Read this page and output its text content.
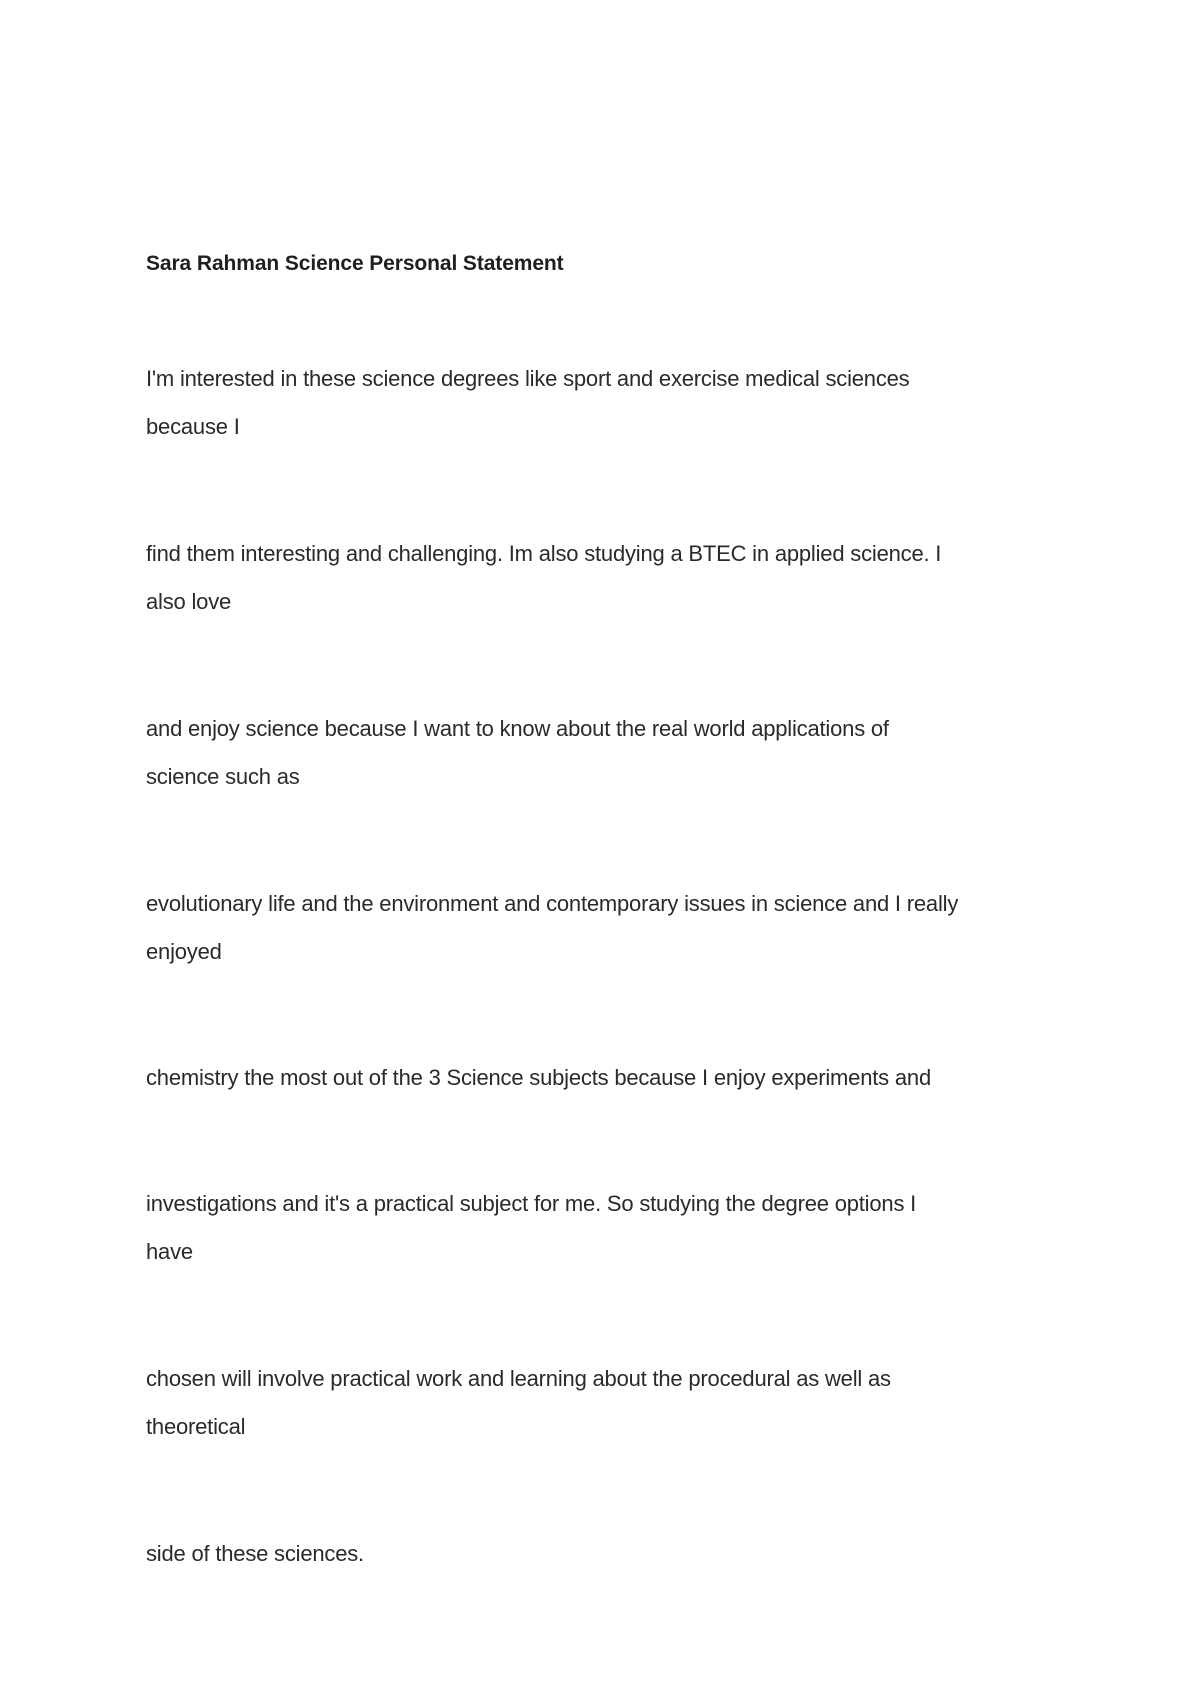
Sara Rahman Science Personal Statement

I'm interested in these science degrees like sport and exercise medical sciences
because I

find them interesting and challenging. Im also studying a BTEC in applied science. I
also love

and enjoy science because I want to know about the real world applications of
science such as

evolutionary life and the environment and contemporary issues in science and I really
enjoyed

chemistry the most out of the 3 Science subjects because I enjoy experiments and

investigations and it's a practical subject for me. So studying the degree options I
have

chosen will involve practical work and learning about the procedural as well as
theoretical

side of these sciences.
